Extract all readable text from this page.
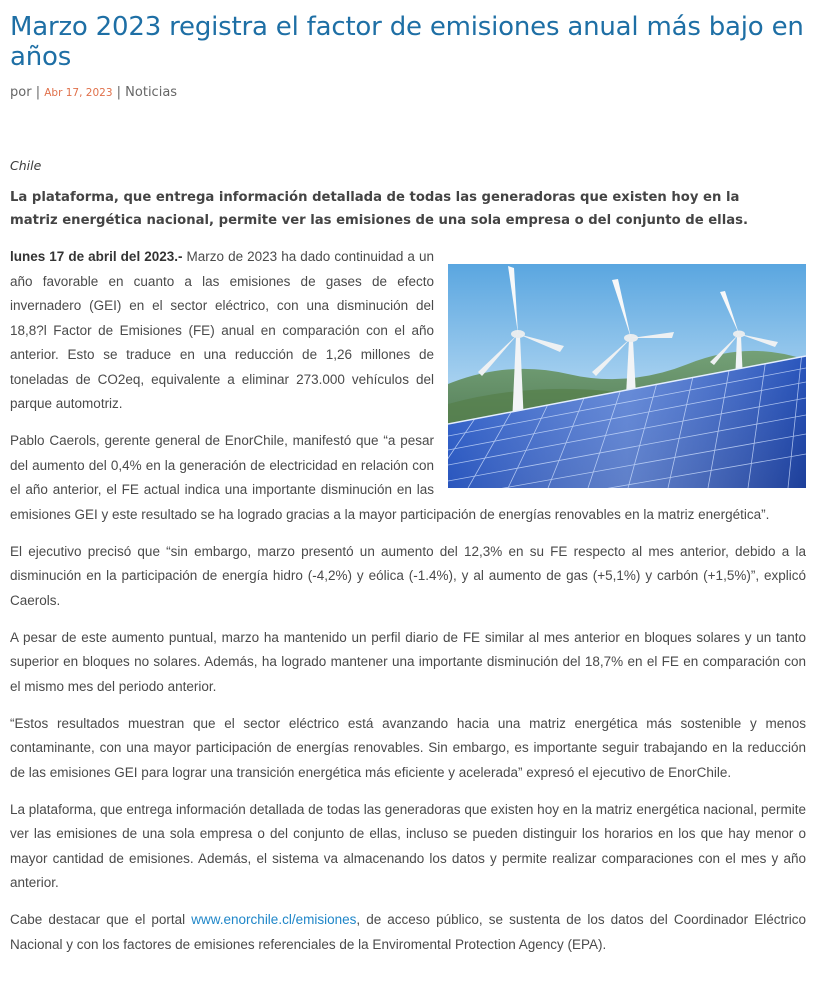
Marzo 2023 registra el factor de emisiones anual más bajo en años
por | Abr 17, 2023 | Noticias
Chile
La plataforma, que entrega información detallada de todas las generadoras que existen hoy en la matriz energética nacional, permite ver las emisiones de una sola empresa o del conjunto de ellas.

lunes 17 de abril del 2023.- Marzo de 2023 ha dado continuidad a un año favorable en cuanto a las emisiones de gases de efecto invernadero (GEI) en el sector eléctrico, con una disminución del 18,8?l Factor de Emisiones (FE) anual en comparación con el año anterior. Esto se traduce en una reducción de 1,26 millones de toneladas de CO2eq, equivalente a eliminar 273.000 vehículos del parque automotriz.

Pablo Caerols, gerente general de EnorChile, manifestó que “a pesar del aumento del 0,4% en la generación de electricidad en relación con el año anterior, el FE actual indica una importante disminución en las emisiones GEI y este resultado se ha logrado gracias a la mayor participación de energías renovables en la matriz energética”.

El ejecutivo precisó que “sin embargo, marzo presentó un aumento del 12,3% en su FE respecto al mes anterior, debido a la disminución en la participación de energía hidro (-4,2%) y eólica (-1.4%), y al aumento de gas (+5,1%) y carbón (+1,5%)”, explicó Caerols.

A pesar de este aumento puntual, marzo ha mantenido un perfil diario de FE similar al mes anterior en bloques solares y un tanto superior en bloques no solares. Además, ha logrado mantener una importante disminución del 18,7% en el FE en comparación con el mismo mes del periodo anterior.

“Estos resultados muestran que el sector eléctrico está avanzando hacia una matriz energética más sostenible y menos contaminante, con una mayor participación de energías renovables. Sin embargo, es importante seguir trabajando en la reducción de las emisiones GEI para lograr una transición energética más eficiente y acelerada” expresó el ejecutivo de EnorChile.

La plataforma, que entrega información detallada de todas las generadoras que existen hoy en la matriz energética nacional, permite ver las emisiones de una sola empresa o del conjunto de ellas, incluso se pueden distinguir los horarios en los que hay menor o mayor cantidad de emisiones. Además, el sistema va almacenando los datos y permite realizar comparaciones con el mes y año anterior.

Cabe destacar que el portal www.enorchile.cl/emisiones, de acceso público, se sustenta de los datos del Coordinador Eléctrico Nacional y con los factores de emisiones referenciales de la Enviromental Protection Agency (EPA).
